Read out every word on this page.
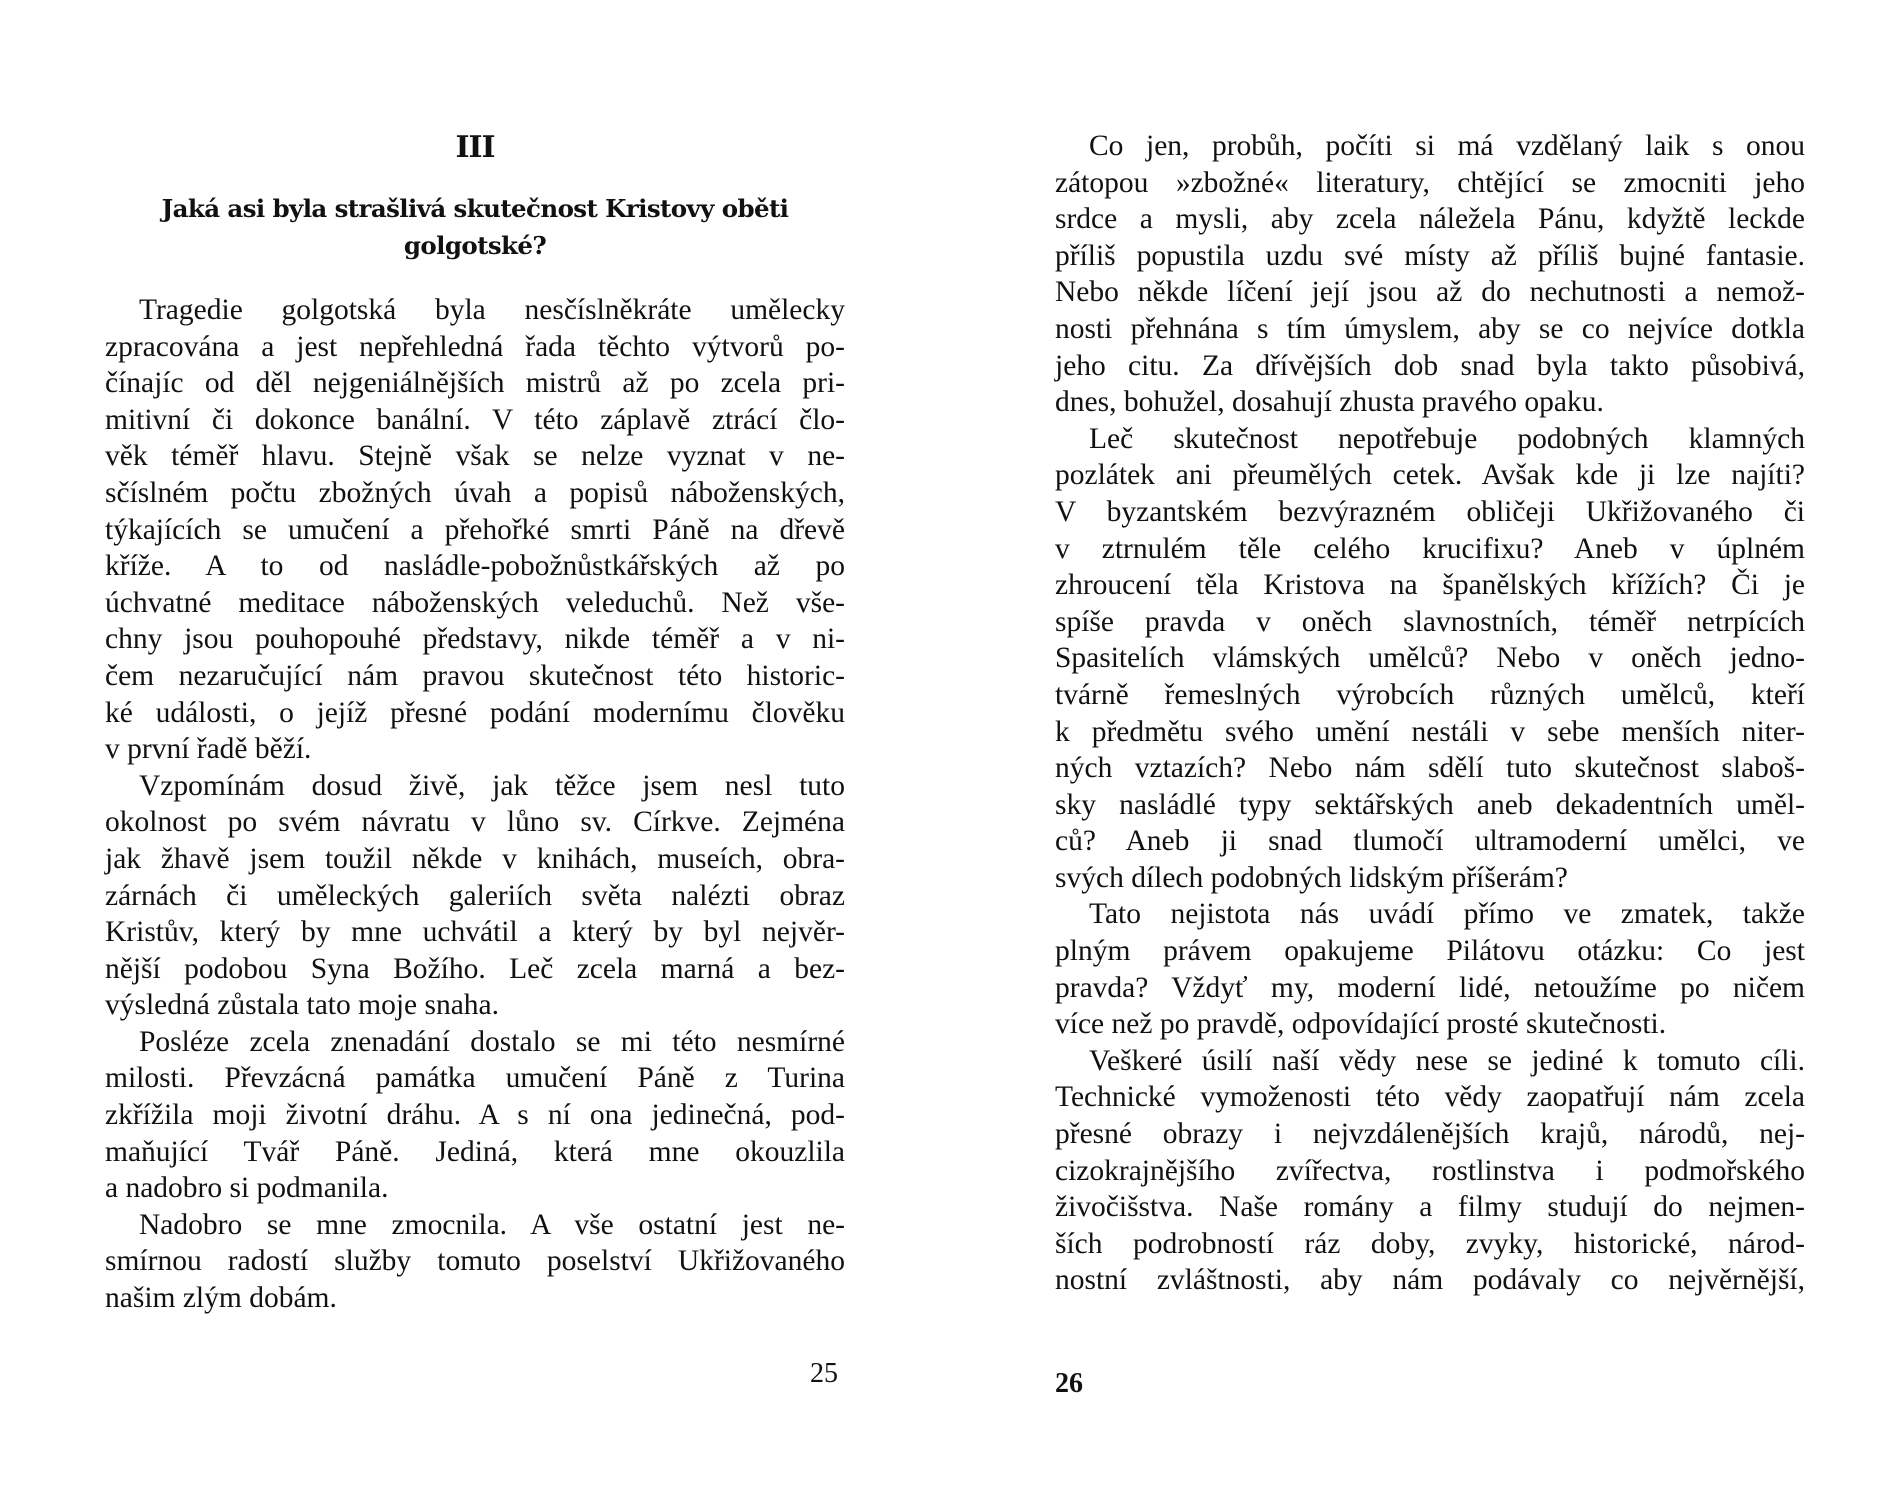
III
Jaká asi byla strašlivá skutečnost Kristovy oběti
golgotské?
Tragedie golgotská byla nesčíslněkráte umělecky
zpracována a jest nepřehledná řada těchto výtvorů po-
čínajíc od děl nejgeniálnějších mistrů až po zcela pri-
mitivní či dokonce banální. V této záplavě ztrácí člo-
věk téměř hlavu. Stejně však se nelze vyznat v ne-
sčíslném počtu zbožných úvah a popisů náboženských,
týkajících se umučení a přehořké smrti Páně na dřevě
kříže. A to od nasládle-pobožnůstkářských až po
úchvatné meditace náboženských veleduchů. Než vše-
chny jsou pouhopouhé představy, nikde téměř a v ni-
čem nezaručující nám pravou skutečnost této historic-
ké události, o jejíž přesné podání modernímu člověku
v první řadě běží.
Vzpomínám dosud živě, jak těžce jsem nesl tuto
okolnost po svém návratu v lůno sv. Církve. Zejména
jak žhavě jsem toužil někde v knihách, museích, obra-
zárnách či uměleckých galeriích světa nalézti obraz
Kristův, který by mne uchvátil a který by byl nejvěr-
nější podobou Syna Božího. Leč zcela marná a bez-
výsledná zůstala tato moje snaha.
Posléze zcela znenadání dostalo se mi této nesmírné
milosti. Převzácná památka umučení Páně z Turina
zkřížila moji životní dráhu. A s ní ona jedinečná, pod-
maňující Tvář Páně. Jediná, která mne okouzlila
a nadobro si podmanila.
Nadobro se mne zmocnila. A vše ostatní jest ne-
smírnou radostí služby tomuto poselství Ukřižovaného
našim zlým dobám.
25
Co jen, probůh, počíti si má vzdělaný laik s onou
zátopou »zbožné« literatury, chtějící se zmocniti jeho
srdce a mysli, aby zcela náležela Pánu, kdyžtě leckde
příliš popustila uzdu své místy až příliš bujné fantasie.
Nebo někde líčení její jsou až do nechutnosti a nemož-
nosti přehnána s tím úmyslem, aby se co nejvíce dotkla
jeho citu. Za dřívějších dob snad byla takto působivá,
dnes, bohužel, dosahují zhusta pravého opaku.
Leč skutečnost nepotřebuje podobných klamných
pozlátek ani přeumělých cetek. Avšak kde ji lze najíti?
V byzantském bezvýrazném obličeji Ukřižovaného či
v ztrnulém těle celého krucifixu? Aneb v úplném
zhroucení těla Kristova na španělských křížích? Či je
spíše pravda v oněch slavnostních, téměř netrpících
Spasitelích vlámských umělců? Nebo v oněch jedno-
tvárně řemeslných výrobcích různých umělců, kteří
k předmětu svého umění nestáli v sebe menších niter-
ných vztazích? Nebo nám sdělí tuto skutečnost slaboš-
sky nasládlé typy sektářských aneb dekadentních uměl-
ců? Aneb ji snad tlumočí ultramoderní umělci, ve
svých dílech podobných lidským příšerám?
Tato nejistota nás uvádí přímo ve zmatek, takže
plným právem opakujeme Pilátovu otázku: Co jest
pravda? Vždyť my, moderní lidé, netoužíme po ničem
více než po pravdě, odpovídající prosté skutečnosti.
Veškeré úsilí naší vědy nese se jediné k tomuto cíli.
Technické vymoženosti této vědy zaopatřují nám zcela
přesné obrazy i nejvzdálenějších krajů, národů, nej-
cizokrajnějšího zvířectva, rostlinstva i podmořského
živočišstva. Naše romány a filmy studují do nejmen-
ších podrobností ráz doby, zvyky, historické, národ-
nostní zvláštnosti, aby nám podávaly co nejvěrnější,
26
